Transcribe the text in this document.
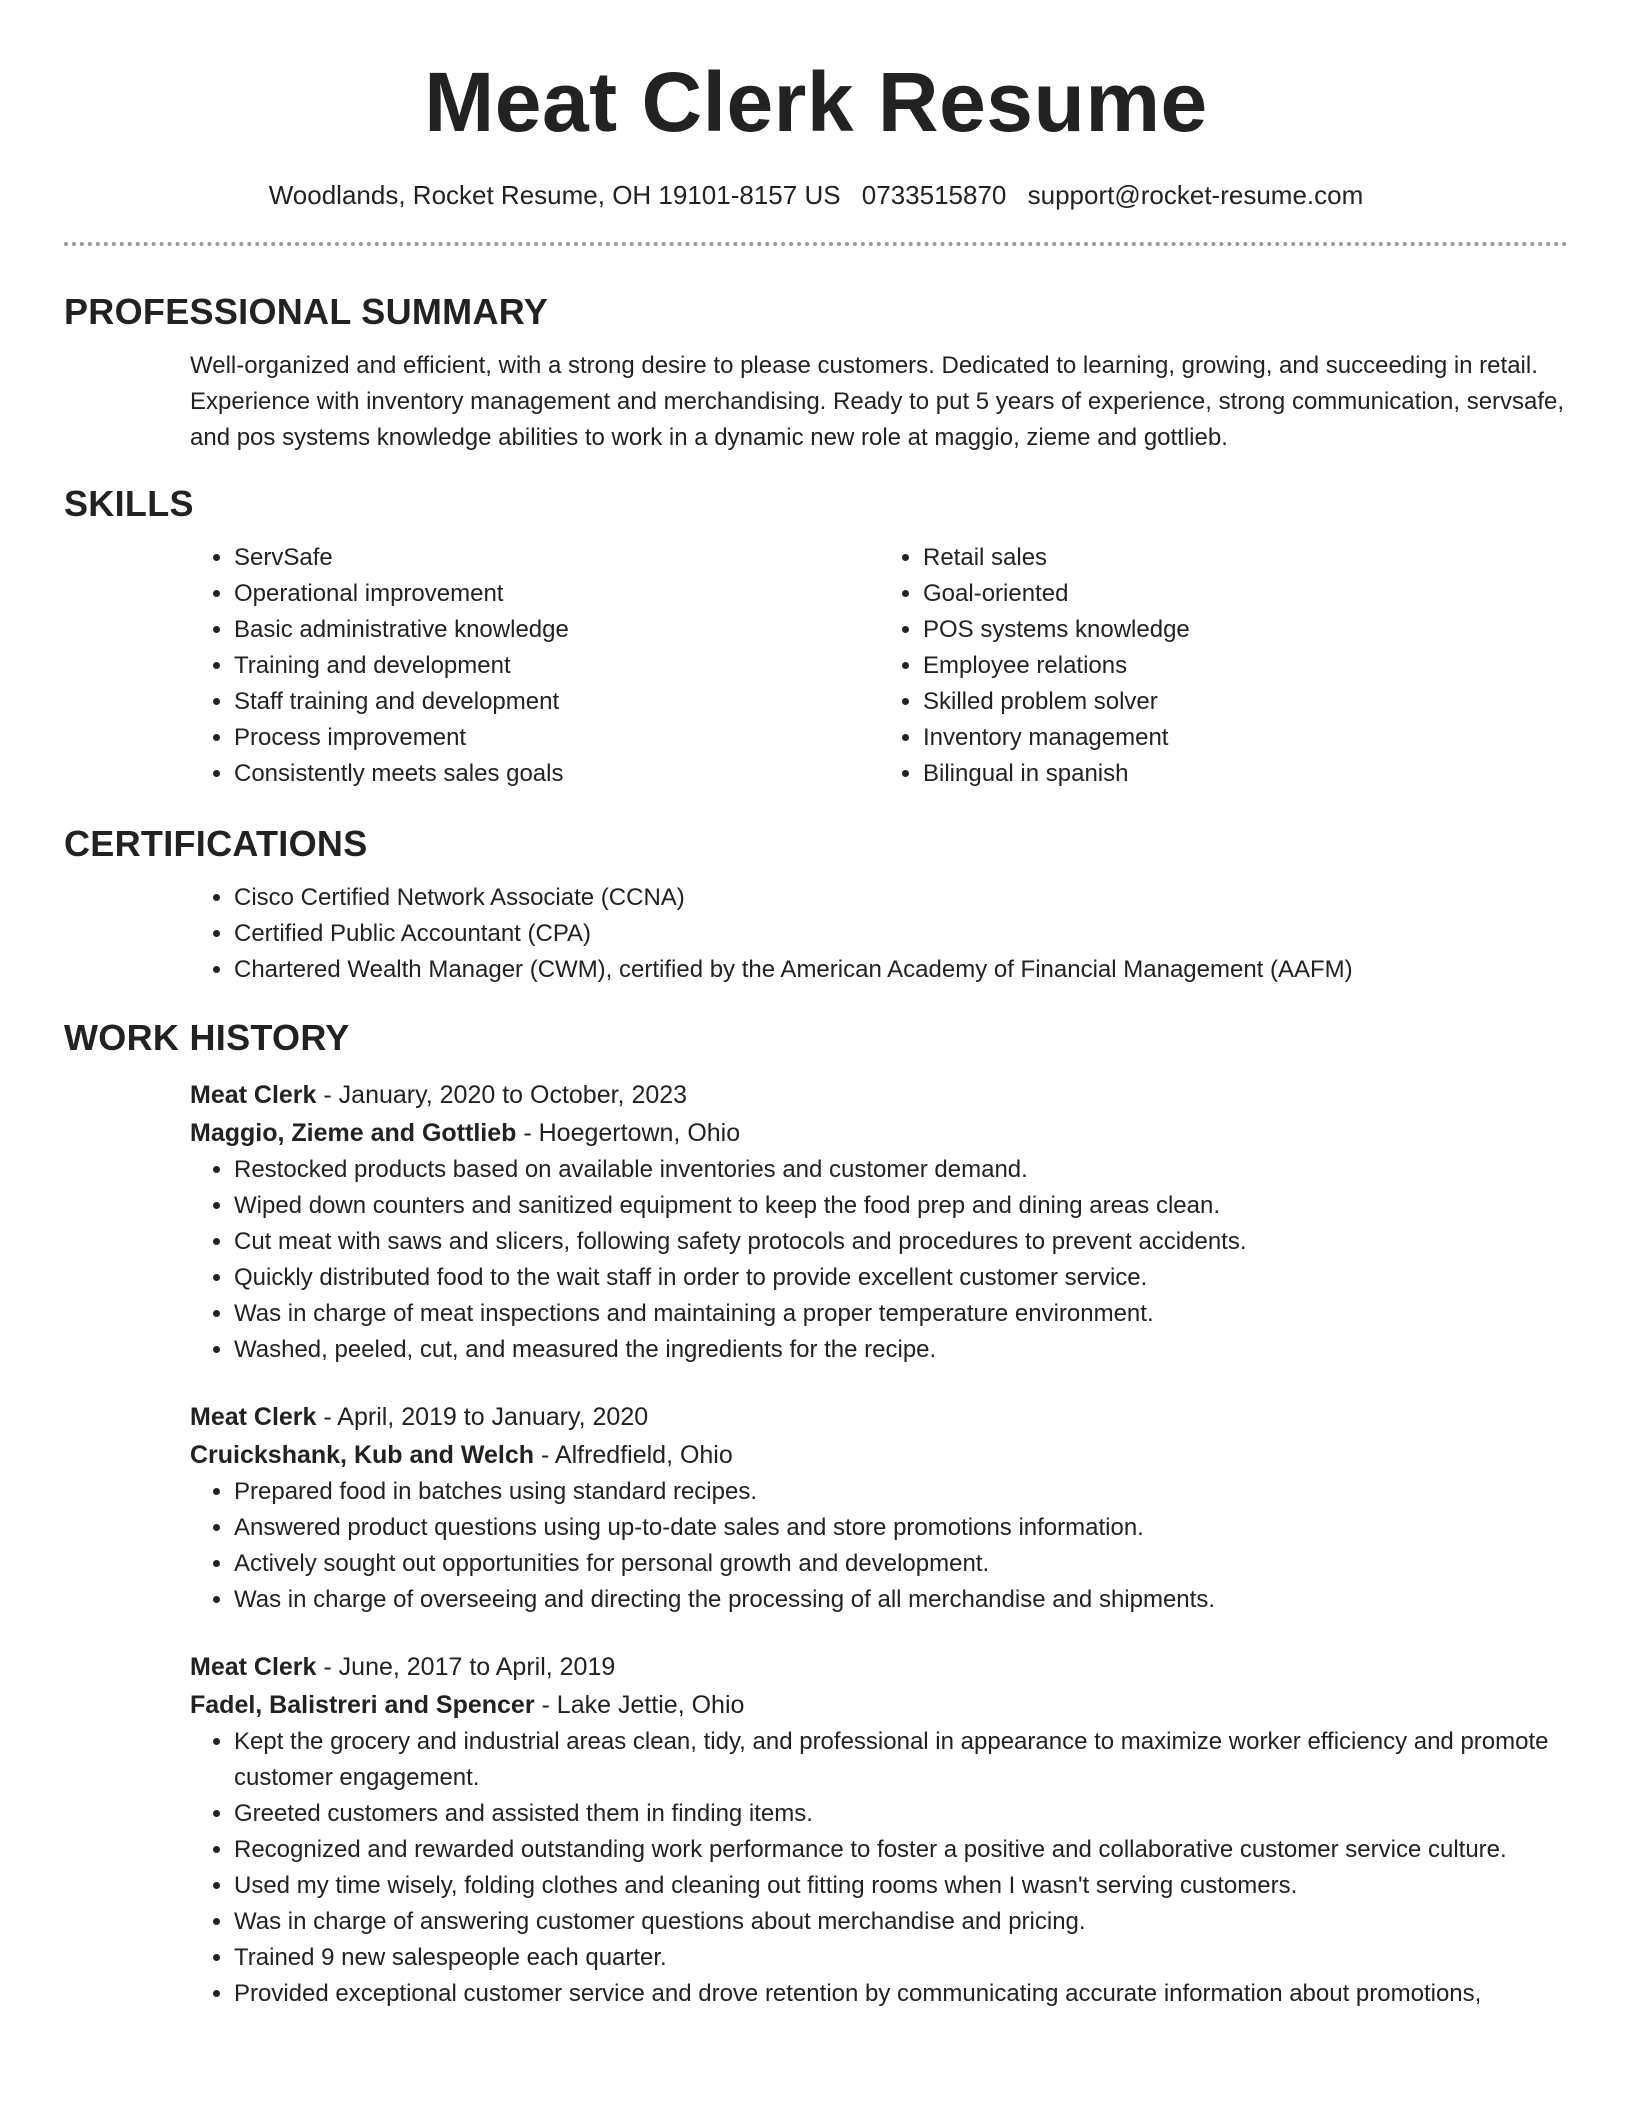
Meat Clerk Resume
Woodlands, Rocket Resume, OH 19101-8157 US 0733515870 support@rocket-resume.com
PROFESSIONAL SUMMARY
Well-organized and efficient, with a strong desire to please customers. Dedicated to learning, growing, and succeeding in retail. Experience with inventory management and merchandising. Ready to put 5 years of experience, strong communication, servsafe, and pos systems knowledge abilities to work in a dynamic new role at maggio, zieme and gottlieb.
SKILLS
• ServSafe
• Operational improvement
• Basic administrative knowledge
• Training and development
• Staff training and development
• Process improvement
• Consistently meets sales goals
• Retail sales
• Goal-oriented
• POS systems knowledge
• Employee relations
• Skilled problem solver
• Inventory management
• Bilingual in spanish
CERTIFICATIONS
• Cisco Certified Network Associate (CCNA)
• Certified Public Accountant (CPA)
• Chartered Wealth Manager (CWM), certified by the American Academy of Financial Management (AAFM)
WORK HISTORY
Meat Clerk - January, 2020 to October, 2023
Maggio, Zieme and Gottlieb - Hoegertown, Ohio
• Restocked products based on available inventories and customer demand.
• Wiped down counters and sanitized equipment to keep the food prep and dining areas clean.
• Cut meat with saws and slicers, following safety protocols and procedures to prevent accidents.
• Quickly distributed food to the wait staff in order to provide excellent customer service.
• Was in charge of meat inspections and maintaining a proper temperature environment.
• Washed, peeled, cut, and measured the ingredients for the recipe.
Meat Clerk - April, 2019 to January, 2020
Cruickshank, Kub and Welch - Alfredfield, Ohio
• Prepared food in batches using standard recipes.
• Answered product questions using up-to-date sales and store promotions information.
• Actively sought out opportunities for personal growth and development.
• Was in charge of overseeing and directing the processing of all merchandise and shipments.
Meat Clerk - June, 2017 to April, 2019
Fadel, Balistreri and Spencer - Lake Jettie, Ohio
• Kept the grocery and industrial areas clean, tidy, and professional in appearance to maximize worker efficiency and promote customer engagement.
• Greeted customers and assisted them in finding items.
• Recognized and rewarded outstanding work performance to foster a positive and collaborative customer service culture.
• Used my time wisely, folding clothes and cleaning out fitting rooms when I wasn't serving customers.
• Was in charge of answering customer questions about merchandise and pricing.
• Trained 9 new salespeople each quarter.
• Provided exceptional customer service and drove retention by communicating accurate information about promotions,
